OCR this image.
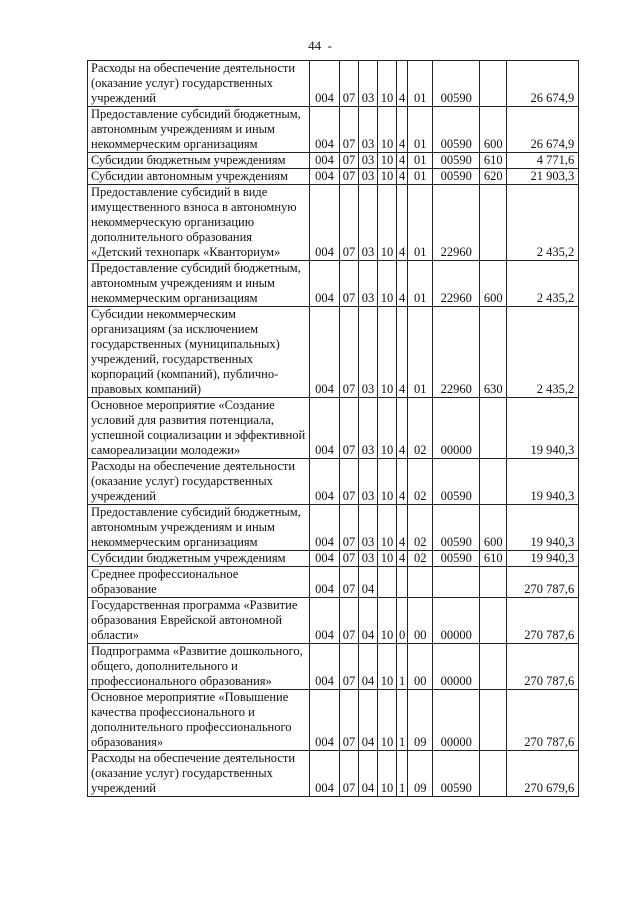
44 -
Расходы на обеспечение деятельности (оказание услуг) государственных учреждений	004	07	03	10	4	01	00590		26 674,9
Предоставление субсидий бюджетным, автономным учреждениям и иным некоммерческим организациям	004	07	03	10	4	01	00590	600	26 674,9
Субсидии бюджетным учреждениям	004	07	03	10	4	01	00590	610	4 771,6
Субсидии автономным учреждениям	004	07	03	10	4	01	00590	620	21 903,3
Предоставление субсидий в виде имущественного взноса в автономную некоммерческую организацию дополнительного образования «Детский технопарк «Кванториум»	004	07	03	10	4	01	22960		2 435,2
Предоставление субсидий бюджетным, автономным учреждениям и иным некоммерческим организациям	004	07	03	10	4	01	22960	600	2 435,2
Субсидии некоммерческим организациям (за исключением государственных (муниципальных) учреждений, государственных корпораций (компаний), публично-правовых компаний)	004	07	03	10	4	01	22960	630	2 435,2
Основное мероприятие «Создание условий для развития потенциала, успешной социализации и эффективной самореализации молодежи»	004	07	03	10	4	02	00000		19 940,3
Расходы на обеспечение деятельности (оказание услуг) государственных учреждений	004	07	03	10	4	02	00590		19 940,3
Предоставление субсидий бюджетным, автономным учреждениям и иным некоммерческим организациям	004	07	03	10	4	02	00590	600	19 940,3
Субсидии бюджетным учреждениям	004	07	03	10	4	02	00590	610	19 940,3
Среднее профессиональное образование	004	07	04						270 787,6
Государственная программа «Развитие образования Еврейской автономной области»	004	07	04	10	0	00	00000		270 787,6
Подпрограмма «Развитие дошкольного, общего, дополнительного и профессионального образования»	004	07	04	10	1	00	00000		270 787,6
Основное мероприятие «Повышение качества профессионального и дополнительного профессионального образования»	004	07	04	10	1	09	00000		270 787,6
Расходы на обеспечение деятельности (оказание услуг) государственных учреждений	004	07	04	10	1	09	00590		270 679,6
